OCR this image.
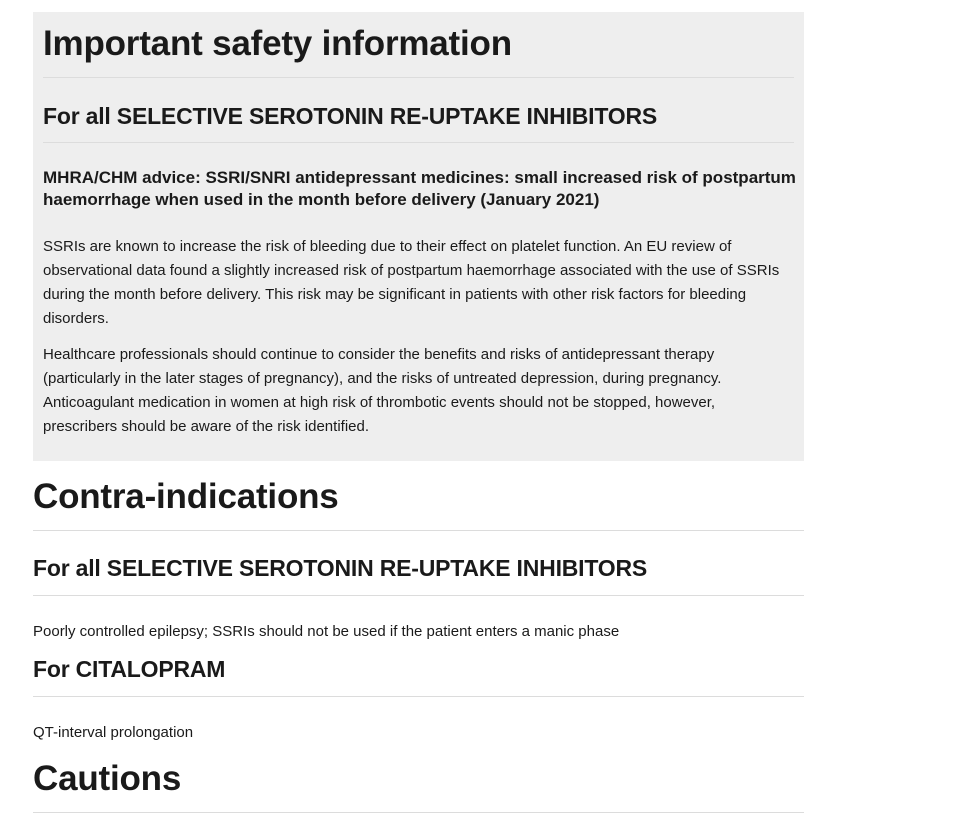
Important safety information
For all SELECTIVE SEROTONIN RE-UPTAKE INHIBITORS
MHRA/CHM advice: SSRI/SNRI antidepressant medicines: small increased risk of postpartum haemorrhage when used in the month before delivery (January 2021)

SSRIs are known to increase the risk of bleeding due to their effect on platelet function. An EU review of observational data found a slightly increased risk of postpartum haemorrhage associated with the use of SSRIs during the month before delivery. This risk may be significant in patients with other risk factors for bleeding disorders.

Healthcare professionals should continue to consider the benefits and risks of antidepressant therapy (particularly in the later stages of pregnancy), and the risks of untreated depression, during pregnancy. Anticoagulant medication in women at high risk of thrombotic events should not be stopped, however, prescribers should be aware of the risk identified.

Contra-indications
For all SELECTIVE SEROTONIN RE-UPTAKE INHIBITORS

Poorly controlled epilepsy; SSRIs should not be used if the patient enters a manic phase

For CITALOPRAM

QT-interval prolongation

Cautions
